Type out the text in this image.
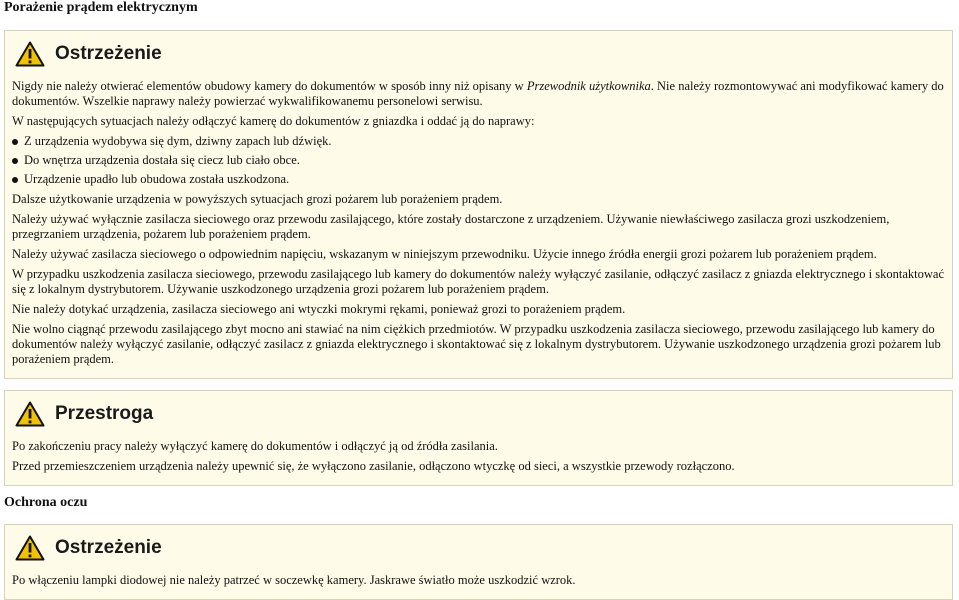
Porażenie prądem elektrycznym
Ostrzeżenie

Nigdy nie należy otwierać elementów obudowy kamery do dokumentów w sposób inny niż opisany w Przewodnik użytkownika. Nie należy rozmontowywać ani modyfikować kamery do dokumentów. Wszelkie naprawy należy powierzać wykwalifikowanemu personelowi serwisu.

W następujących sytuacjach należy odłączyć kamerę do dokumentów z gniazdka i oddać ją do naprawy:

Z urządzenia wydobywa się dym, dziwny zapach lub dźwięk.
Do wnętrza urządzenia dostała się ciecz lub ciało obce.
Urządzenie upadło lub obudowa została uszkodzona.

Dalsze użytkowanie urządzenia w powyższych sytuacjach grozi pożarem lub porażeniem prądem.

Należy używać wyłącznie zasilacza sieciowego oraz przewodu zasilającego, które zostały dostarczone z urządzeniem. Używanie niewłaściwego zasilacza grozi uszkodzeniem, przegrzaniem urządzenia, pożarem lub porażeniem prądem.

Należy używać zasilacza sieciowego o odpowiednim napięciu, wskazanym w niniejszym przewodniku. Użycie innego źródła energii grozi pożarem lub porażeniem prądem.

W przypadku uszkodzenia zasilacza sieciowego, przewodu zasilającego lub kamery do dokumentów należy wyłączyć zasilanie, odłączyć zasilacz z gniazda elektrycznego i skontaktować się z lokalnym dystrybutorem. Używanie uszkodzonego urządzenia grozi pożarem lub porażeniem prądem.

Nie należy dotykać urządzenia, zasilacza sieciowego ani wtyczki mokrymi rękami, ponieważ grozi to porażeniem prądem.

Nie wolno ciągnąć przewodu zasilającego zbyt mocno ani stawiać na nim ciężkich przedmiotów. W przypadku uszkodzenia zasilacza sieciowego, przewodu zasilającego lub kamery do dokumentów należy wyłączyć zasilanie, odłączyć zasilacz z gniazda elektrycznego i skontaktować się z lokalnym dystrybutorem. Używanie uszkodzonego urządzenia grozi pożarem lub porażeniem prądem.

Przestroga

Po zakończeniu pracy należy wyłączyć kamerę do dokumentów i odłączyć ją od źródła zasilania.

Przed przemieszczeniem urządzenia należy upewnić się, że wyłączono zasilanie, odłączono wtyczkę od sieci, a wszystkie przewody rozłączono.

Ochrona oczu
Ostrzeżenie

Po włączeniu lampki diodowej nie należy patrzeć w soczewkę kamery. Jaskrawe światło może uszkodzić wzrok.
